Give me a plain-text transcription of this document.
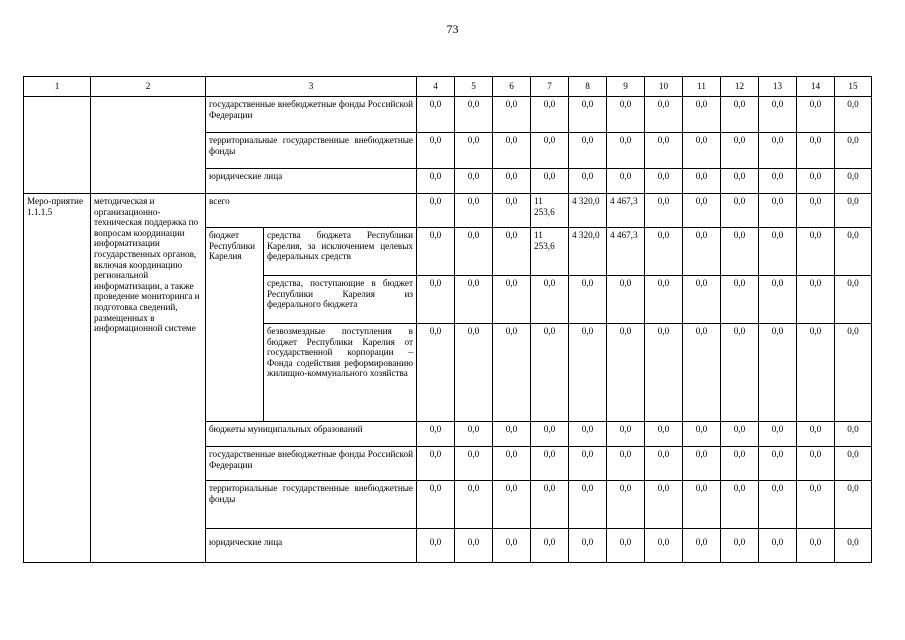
73
1	2	3		4	5	6	7	8	9	10	11	12	13	14	15
		государственные внебюджетные фонды Российской Федерации		0,0	0,0	0,0	0,0	0,0	0,0	0,0	0,0	0,0	0,0	0,0	0,0
		территориальные государственные внебюджетные фонды		0,0	0,0	0,0	0,0	0,0	0,0	0,0	0,0	0,0	0,0	0,0	0,0
		юридические лица		0,0	0,0	0,0	0,0	0,0	0,0	0,0	0,0	0,0	0,0	0,0	0,0
Меро-приятие 1.1.1.5	методическая и организационно-техническая поддержка по вопросам координации информатизации государственных органов, включая координацию региональной информатизации, а также проведение мониторинга и подготовка сведений, размещенных в информационной системе	всего		0,0	0,0	0,0	11 253,6	4 320,0	4 467,3	0,0	0,0	0,0	0,0	0,0	0,0
		бюджет Республики Карелия	средства бюджета Республики Карелия, за исключением целевых федеральных средств	0,0	0,0	0,0	11 253,6	4 320,0	4 467,3	0,0	0,0	0,0	0,0	0,0	0,0
			средства, поступающие в бюджет Республики Карелия из федерального бюджета	0,0	0,0	0,0	0,0	0,0	0,0	0,0	0,0	0,0	0,0	0,0	0,0
			безвозмездные поступления в бюджет Республики Карелия от государственной корпорации – Фонда содействия реформированию жилищно-коммунального хозяйства	0,0	0,0	0,0	0,0	0,0	0,0	0,0	0,0	0,0	0,0	0,0	0,0
		бюджеты муниципальных образований		0,0	0,0	0,0	0,0	0,0	0,0	0,0	0,0	0,0	0,0	0,0	0,0
		государственные внебюджетные фонды Российской Федерации		0,0	0,0	0,0	0,0	0,0	0,0	0,0	0,0	0,0	0,0	0,0	0,0
		территориальные государственные внебюджетные фонды		0,0	0,0	0,0	0,0	0,0	0,0	0,0	0,0	0,0	0,0	0,0	0,0
		юридические лица		0,0	0,0	0,0	0,0	0,0	0,0	0,0	0,0	0,0	0,0	0,0	0,0
